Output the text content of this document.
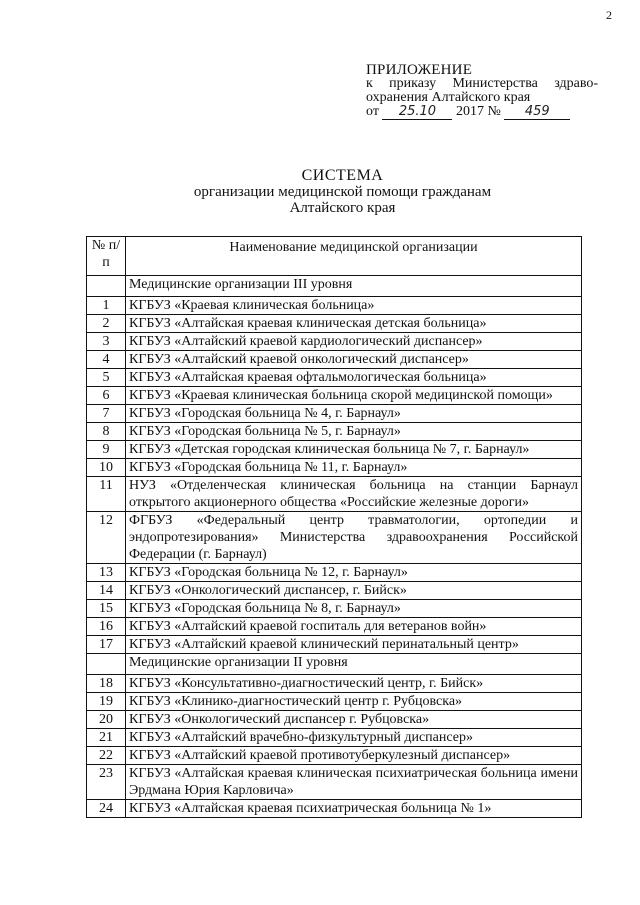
2
ПРИЛОЖЕНИЕ
к приказу Министерства здраво-
охранения Алтайского края
от 25.10 2017 № 459
СИСТЕМА
организации медицинской помощи гражданам
Алтайского края
№ п/п	Наименование медицинской организации
	Медицинские организации III уровня
1	КГБУЗ «Краевая клиническая больница»
2	КГБУЗ «Алтайская краевая клиническая детская больница»
3	КГБУЗ «Алтайский краевой кардиологический диспансер»
4	КГБУЗ «Алтайский краевой онкологический диспансер»
5	КГБУЗ «Алтайская краевая офтальмологическая больница»
6	КГБУЗ «Краевая клиническая больница скорой медицинской помощи»
7	КГБУЗ «Городская больница № 4, г. Барнаул»
8	КГБУЗ «Городская больница № 5, г. Барнаул»
9	КГБУЗ «Детская городская клиническая больница № 7, г. Барнаул»
10	КГБУЗ «Городская больница № 11, г. Барнаул»
11	НУЗ «Отделенческая клиническая больница на станции Барнаул открытого акционерного общества «Российские железные дороги»
12	ФГБУЗ «Федеральный центр травматологии, ортопедии и эндопротезирования» Министерства здравоохранения Российской Федерации (г. Барнаул)
13	КГБУЗ «Городская больница № 12, г. Барнаул»
14	КГБУЗ «Онкологический диспансер, г. Бийск»
15	КГБУЗ «Городская больница № 8, г. Барнаул»
16	КГБУЗ «Алтайский краевой госпиталь для ветеранов войн»
17	КГБУЗ «Алтайский краевой клинический перинатальный центр»
	Медицинские организации II уровня
18	КГБУЗ «Консультативно-диагностический центр, г. Бийск»
19	КГБУЗ «Клинико-диагностический центр г. Рубцовска»
20	КГБУЗ «Онкологический диспансер г. Рубцовска»
21	КГБУЗ «Алтайский врачебно-физкультурный диспансер»
22	КГБУЗ «Алтайский краевой противотуберкулезный диспансер»
23	КГБУЗ «Алтайская краевая клиническая психиатрическая больница имени Эрдмана Юрия Карловича»
24	КГБУЗ «Алтайская краевая психиатрическая больница № 1»
